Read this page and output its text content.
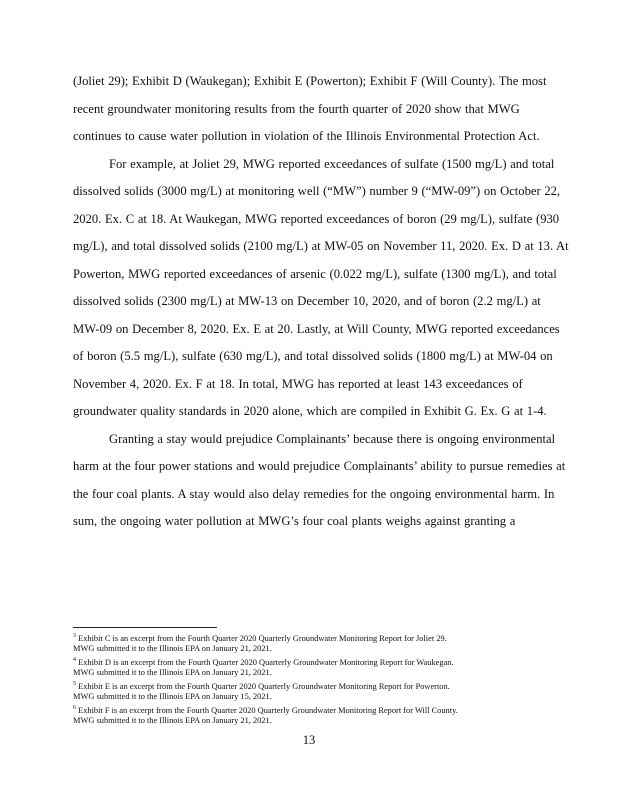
(Joliet 29); Exhibit D (Waukegan); Exhibit E (Powerton); Exhibit F (Will County). The most
recent groundwater monitoring results from the fourth quarter of 2020 show that MWG
continues to cause water pollution in violation of the Illinois Environmental Protection Act.
For example, at Joliet 29, MWG reported exceedances of sulfate (1500 mg/L) and total
dissolved solids (3000 mg/L) at monitoring well (“MW”) number 9 (“MW-09”) on October 22,
2020. Ex. C at 18. At Waukegan, MWG reported exceedances of boron (29 mg/L), sulfate (930
mg/L), and total dissolved solids (2100 mg/L) at MW-05 on November 11, 2020. Ex. D at 13. At
Powerton, MWG reported exceedances of arsenic (0.022 mg/L), sulfate (1300 mg/L), and total
dissolved solids (2300 mg/L) at MW-13 on December 10, 2020, and of boron (2.2 mg/L) at
MW-09 on December 8, 2020. Ex. E at 20. Lastly, at Will County, MWG reported exceedances
of boron (5.5 mg/L), sulfate (630 mg/L), and total dissolved solids (1800 mg/L) at MW-04 on
November 4, 2020. Ex. F at 18. In total, MWG has reported at least 143 exceedances of
groundwater quality standards in 2020 alone, which are compiled in Exhibit G. Ex. G at 1-4.
Granting a stay would prejudice Complainants’ because there is ongoing environmental
harm at the four power stations and would prejudice Complainants’ ability to pursue remedies at
the four coal plants. A stay would also delay remedies for the ongoing environmental harm. In
sum, the ongoing water pollution at MWG’s four coal plants weighs against granting a
$^3$ Exhibit C is an excerpt from the Fourth Quarter 2020 Quarterly Groundwater Monitoring Report for Joliet 29.
MWG submitted it to the Illinois EPA on January 21, 2021.
$^4$ Exhibit D is an excerpt from the Fourth Quarter 2020 Quarterly Groundwater Monitoring Report for Waukegan.
MWG submitted it to the Illinois EPA on January 21, 2021.
$^5$ Exhibit E is an excerpt from the Fourth Quarter 2020 Quarterly Groundwater Monitoring Report for Powerton.
MWG submitted it to the Illinois EPA on January 15, 2021.
$^6$ Exhibit F is an excerpt from the Fourth Quarter 2020 Quarterly Groundwater Monitoring Report for Will County.
MWG submitted it to the Illinois EPA on January 21, 2021.
13
